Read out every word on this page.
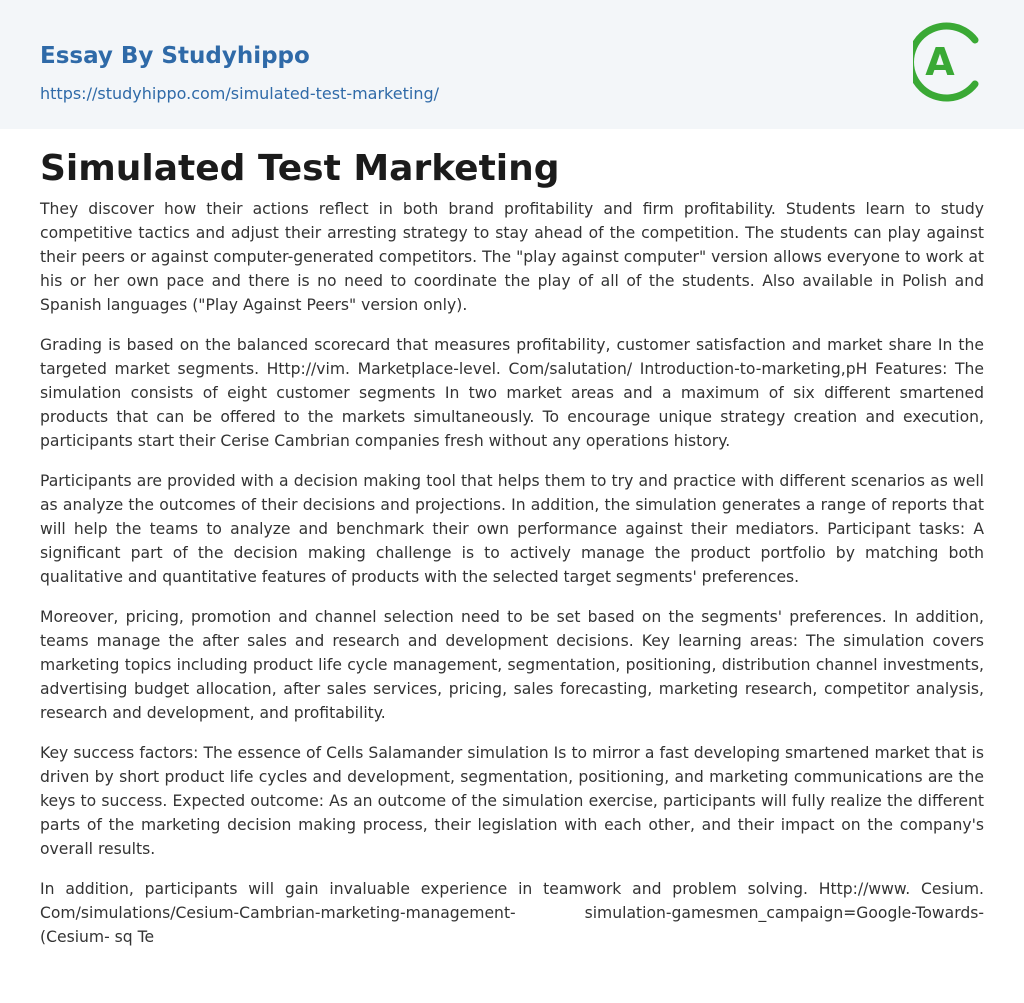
Essay By Studyhippo
https://studyhippo.com/simulated-test-marketing/
A
Simulated Test Marketing

They discover how their actions reflect in both brand profitability and firm profitability. Students learn to study competitive tactics and adjust their arresting strategy to stay ahead of the competition. The students can play against their peers or against computer-generated competitors. The "play against computer" version allows everyone to work at his or her own pace and there is no need to coordinate the play of all of the students. Also available in Polish and Spanish languages ("Play Against Peers" version only).

Grading is based on the balanced scorecard that measures profitability, customer satisfaction and market share In the targeted market segments. Http://vim. Marketplace-level. Com/salutation/ Introduction-to-marketing,pH Features: The simulation consists of eight customer segments In two market areas and a maximum of six different smartened products that can be offered to the markets simultaneously. To encourage unique strategy creation and execution, participants start their Cerise Cambrian companies fresh without any operations history.

Participants are provided with a decision making tool that helps them to try and practice with different scenarios as well as analyze the outcomes of their decisions and projections. In addition, the simulation generates a range of reports that will help the teams to analyze and benchmark their own performance against their mediators. Participant tasks: A significant part of the decision making challenge is to actively manage the product portfolio by matching both qualitative and quantitative features of products with the selected target segments' preferences.

Moreover, pricing, promotion and channel selection need to be set based on the segments' preferences. In addition, teams manage the after sales and research and development decisions. Key learning areas: The simulation covers marketing topics including product life cycle management, segmentation, positioning, distribution channel investments, advertising budget allocation, after sales services, pricing, sales forecasting, marketing research, competitor analysis, research and development, and profitability.

Key success factors: The essence of Cells Salamander simulation Is to mirror a fast developing smartened market that is driven by short product life cycles and development, segmentation, positioning, and marketing communications are the keys to success. Expected outcome: As an outcome of the simulation exercise, participants will fully realize the different parts of the marketing decision making process, their legislation with each other, and their impact on the company's overall results.

In addition, participants will gain invaluable experience in teamwork and problem solving. Http://www. Cesium. Com/simulations/Cesium-Cambrian-marketing-management- simulation-gamesmen_campaign=Google-Towards-(Cesium- sq Te
